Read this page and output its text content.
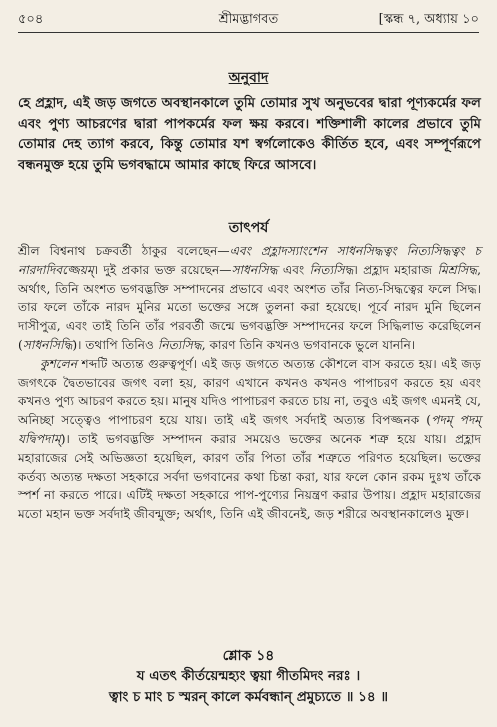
৫০৪	শ্রীমদ্ভাগবত	[স্কন্ধ ৭, অধ্যায় ১০
অনুবাদ
হে প্রহ্লাদ, এই জড় জগতে অবস্থানকালে তুমি তোমার সুখ অনুভবের দ্বারা পূণ্যকর্মের ফল এবং পুণ্য আচরণের দ্বারা পাপকর্মের ফল ক্ষয় করবে। শক্তিশালী কালের প্রভাবে তুমি তোমার দেহ ত্যাগ করবে, কিন্তু তোমার যশ স্বর্গলোকেও কীর্তিত হবে, এবং সম্পূর্ণরূপে বন্ধনমুক্ত হয়ে তুমি ভগবদ্ধামে আমার কাছে ফিরে আসবে।
তাৎপর্য

শ্রীল বিশ্বনাথ চক্রবর্তী ঠাকুর বলেছেন—এবং প্রহ্লাদস্যাংশেন সাধনসিদ্ধত্বং নিত্যসিদ্ধত্বং চ নারদাদিবজ্জেয়ম্। দুই প্রকার ভক্ত রয়েছেন—সাধনসিদ্ধ এবং নিত্যসিদ্ধ। প্রহ্লাদ মহারাজ মিশ্রসিদ্ধ, অর্থাৎ, তিনি অংশত ভগবদ্ভক্তি সম্পাদনের প্রভাবে এবং অংশত তাঁর নিত্য-সিদ্ধত্বের ফলে সিদ্ধ। তার ফলে তাঁকে নারদ মুনির মতো ভক্তের সঙ্গে তুলনা করা হয়েছে। পূর্বে নারদ মুনি ছিলেন দাসীপুত্র, এবং তাই তিনি তাঁর পরবর্তী জন্মে ভগবদ্ভক্তি সম্পাদনের ফলে সিদ্ধিলাভ করেছিলেন (সাধনসিদ্ধি)। তথাপি তিনিও নিত্যসিদ্ধ, কারণ তিনি কখনও ভগবানকে ভুলে যাননি।

কুশলেন শব্দটি অত্যন্ত গুরুত্বপূর্ণ। এই জড় জগতে অত্যন্ত কৌশলে বাস করতে হয়। এই জড় জগৎকে দ্বৈতভাবের জগৎ বলা হয়, কারণ এখানে কখনও কখনও পাপাচরণ করতে হয় এবং কখনও পুণ্য আচরণ করতে হয়। মানুষ যদিও পাপাচরণ করতে চায় না, তবুও এই জগৎ এমনই যে, অনিচ্ছা সত্ত্বেও পাপাচরণ হয়ে যায়। তাই এই জগৎ সর্বদাই অত্যন্ত বিপজ্জনক (পদম্ পদম্ যদ্বিপদাম্)। তাই ভগবদ্ভক্তি সম্পাদন করার সময়েও ভক্তের অনেক শত্রু হয়ে যায়। প্রহ্লাদ মহারাজের সেই অভিজ্ঞতা হয়েছিল, কারণ তাঁর পিতা তাঁর শত্রুতে পরিণত হয়েছিল। ভক্তের কর্তব্য অত্যন্ত দক্ষতা সহকারে সর্বদা ভগবানের কথা চিন্তা করা, যার ফলে কোন রকম দুঃখ তাঁকে স্পর্শ না করতে পারে। এটিই দক্ষতা সহকারে পাপ-পুণ্যের নিয়ন্ত্রণ করার উপায়। প্রহ্লাদ মহারাজের মতো মহান ভক্ত সর্বদাই জীবন্মুক্ত; অর্থাৎ, তিনি এই জীবনেই, জড় শরীরে অবস্থানকালেও মুক্ত।

শ্লোক ১৪
য এতৎ কীর্তয়েন্মহ্যং ত্বয়া গীতমিদং নরঃ ।
ত্বাং চ মাং চ স্মরন্ কালে কর্মবন্ধান্ প্রমুচ্যতে ॥ ১৪ ॥
